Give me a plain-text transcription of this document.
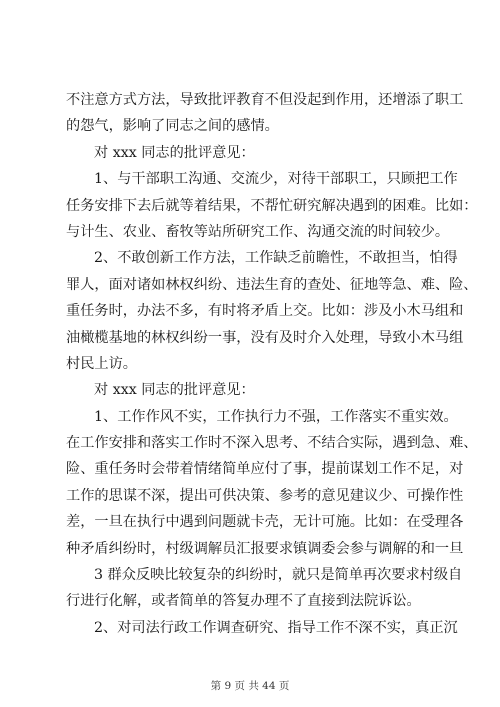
不注意方式方法，导致批评教育不但没起到作用，还增添了职工
的怨气，影响了同志之间的感情。
对 xxx 同志的批评意见：
1、与干部职工沟通、交流少，对待干部职工，只顾把工作
任务安排下去后就等着结果，不帮忙研究解决遇到的困难。比如：
与计生、农业、畜牧等站所研究工作、沟通交流的时间较少。
2、不敢创新工作方法，工作缺乏前瞻性，不敢担当，怕得
罪人，面对诸如林权纠纷、违法生育的查处、征地等急、难、险、
重任务时，办法不多，有时将矛盾上交。比如：涉及小木马组和
油橄榄基地的林权纠纷一事，没有及时介入处理，导致小木马组
村民上访。
对 xxx 同志的批评意见：
1、工作作风不实，工作执行力不强，工作落实不重实效。
在工作安排和落实工作时不深入思考、不结合实际，遇到急、难、
险、重任务时会带着情绪简单应付了事，提前谋划工作不足，对
工作的思谋不深，提出可供决策、参考的意见建议少、可操作性
差，一旦在执行中遇到问题就卡壳，无计可施。比如：在受理各
种矛盾纠纷时，村级调解员汇报要求镇调委会参与调解的和一旦
3 群众反映比较复杂的纠纷时，就只是简单再次要求村级自
行进行化解，或者简单的答复办理不了直接到法院诉讼。
2、对司法行政工作调查研究、指导工作不深不实，真正沉
第 9 页 共 44 页
